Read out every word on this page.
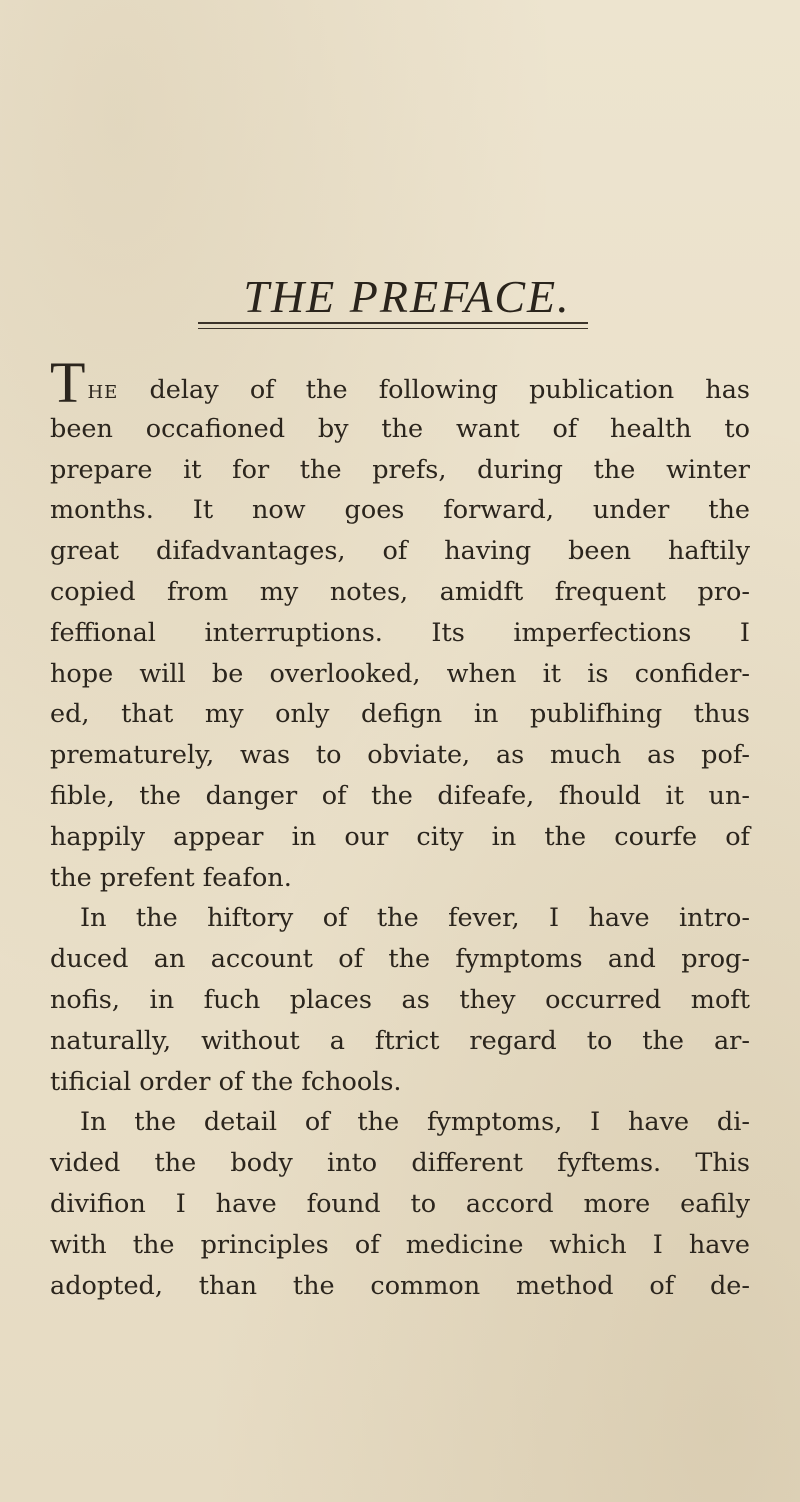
THE PREFACE.
THE delay of the following publication has
been occafioned by the want of health to
prepare it for the prefs, during the winter
months. It now goes forward, under the
great difadvantages, of having been haftily
copied from my notes, amidft frequent pro-
feffional interruptions. Its imperfections I
hope will be overlooked, when it is confider-
ed, that my only defign in publifhing thus
prematurely, was to obviate, as much as pof-
fible, the danger of the difeafe, fhould it un-
happily appear in our city in the courfe of
the prefent feafon.
In the hiftory of the fever, I have intro-
duced an account of the fymptoms and prog-
nofis, in fuch places as they occurred moft
naturally, without a ftrict regard to the ar-
tificial order of the fchools.
In the detail of the fymptoms, I have di-
vided the body into different fyftems. This
divifion I have found to accord more eafily
with the principles of medicine which I have
adopted, than the common method of de-
